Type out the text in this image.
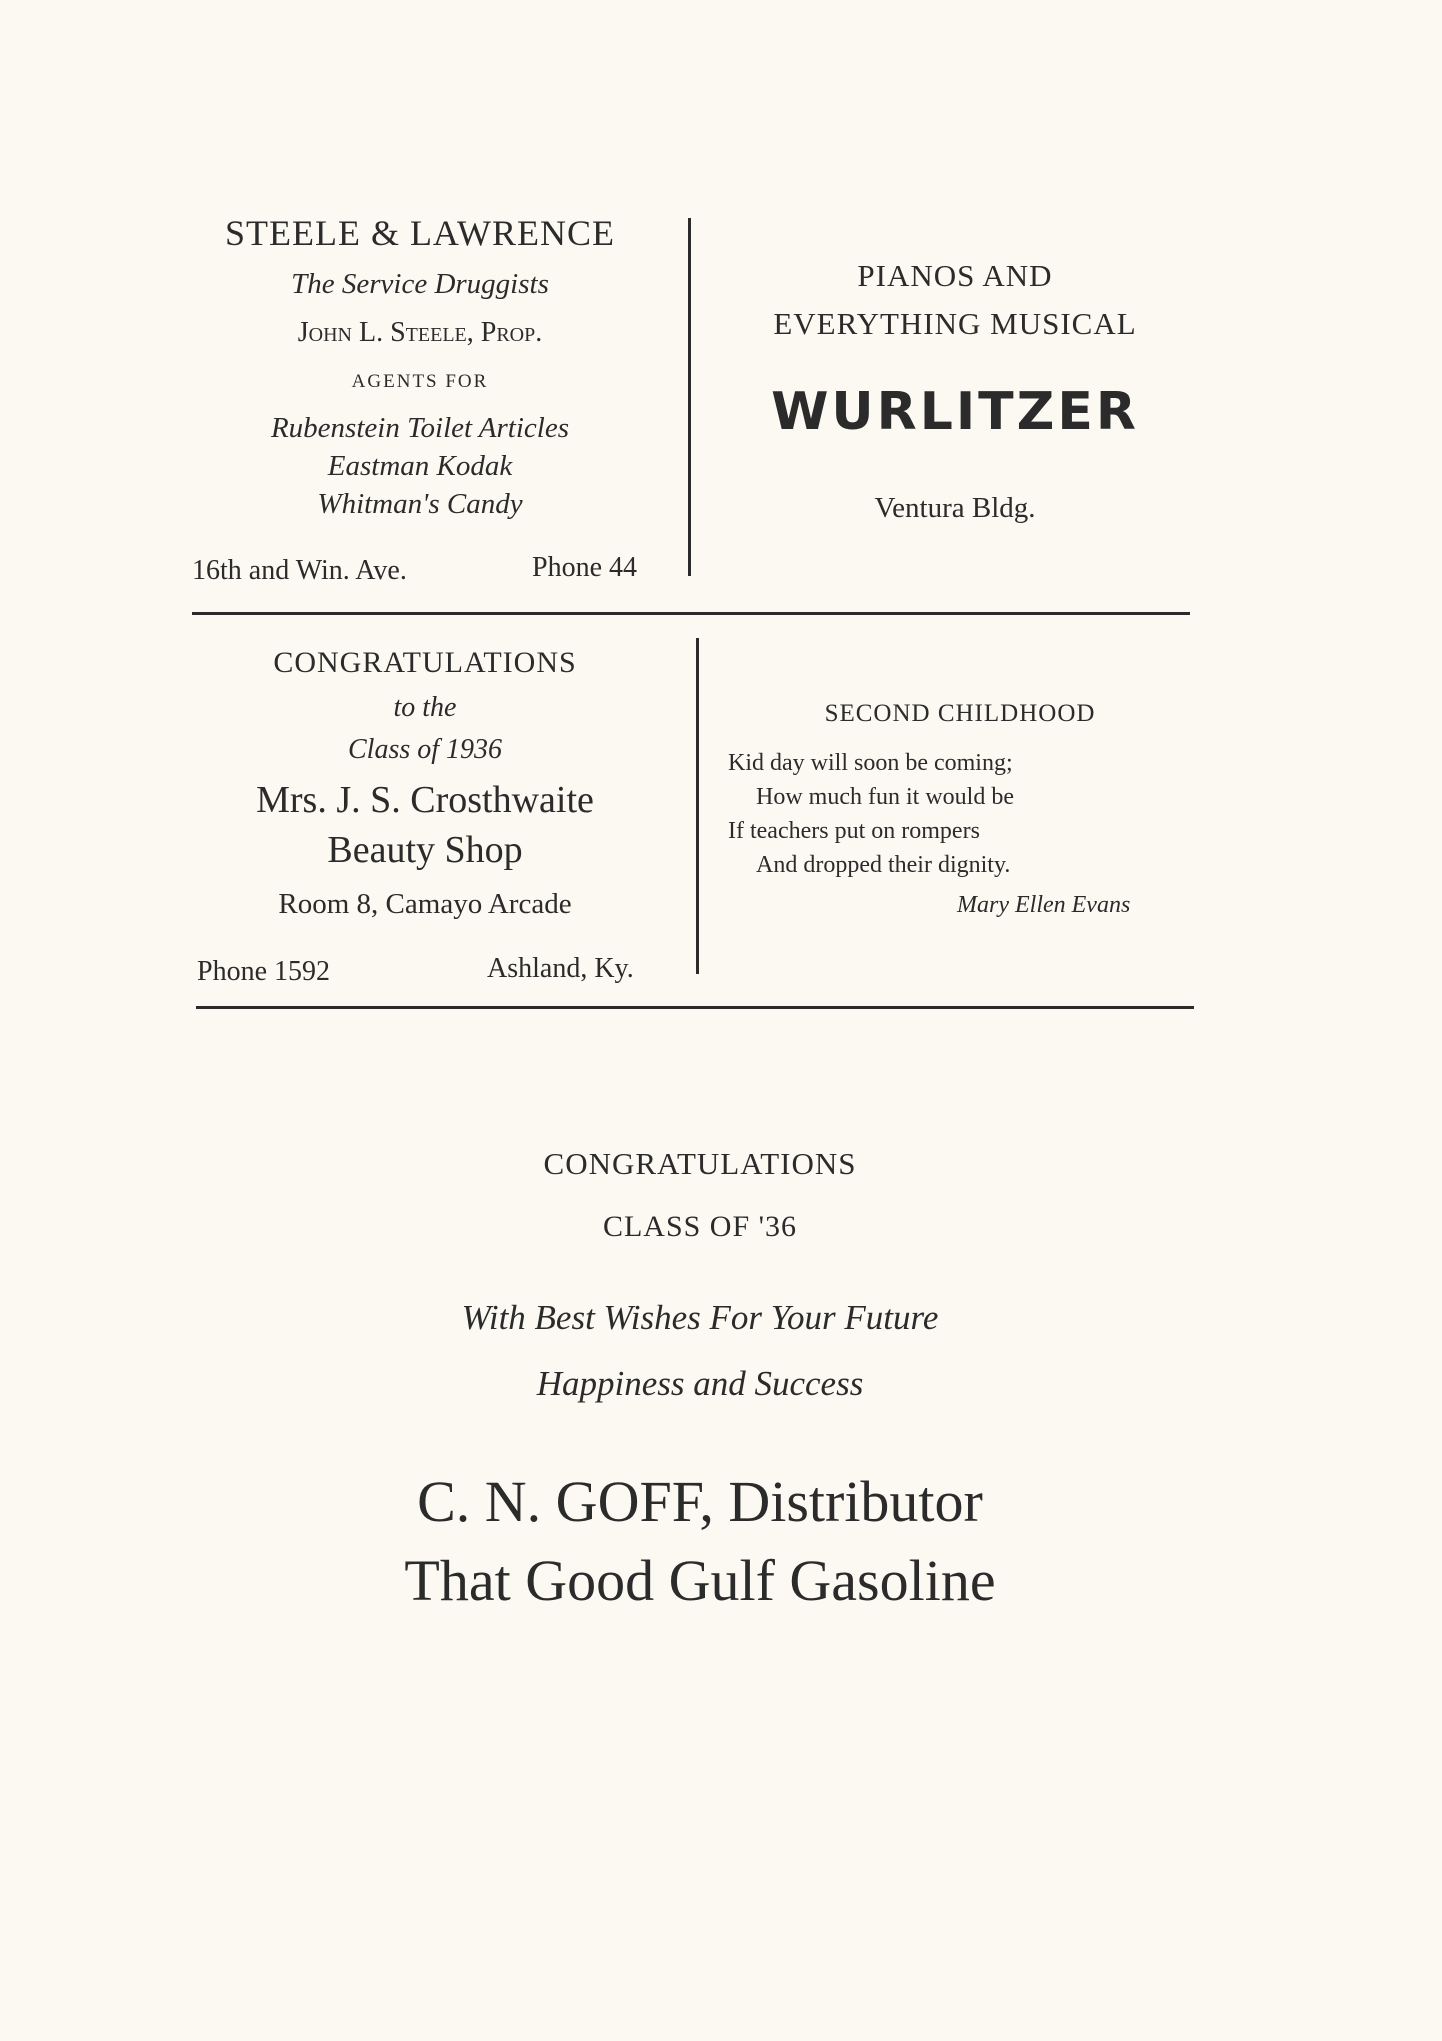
STEELE & LAWRENCE
The Service Druggists
John L. Steele, Prop.
AGENTS FOR
Rubenstein Toilet Articles
Eastman Kodak
Whitman's Candy
16th and Win. Ave.	Phone 44
PIANOS AND
EVERYTHING MUSICAL
WURLITZER
Ventura Bldg.
CONGRATULATIONS
to the
Class of 1936
Mrs. J. S. Crosthwaite
Beauty Shop
Room 8, Camayo Arcade
Phone 1592	Ashland, Ky.
SECOND CHILDHOOD
Kid day will soon be coming;
How much fun it would be
If teachers put on rompers
And dropped their dignity.
Mary Ellen Evans
CONGRATULATIONS
CLASS OF '36
With Best Wishes For Your Future
Happiness and Success
C. N. GOFF, Distributor
That Good Gulf Gasoline
